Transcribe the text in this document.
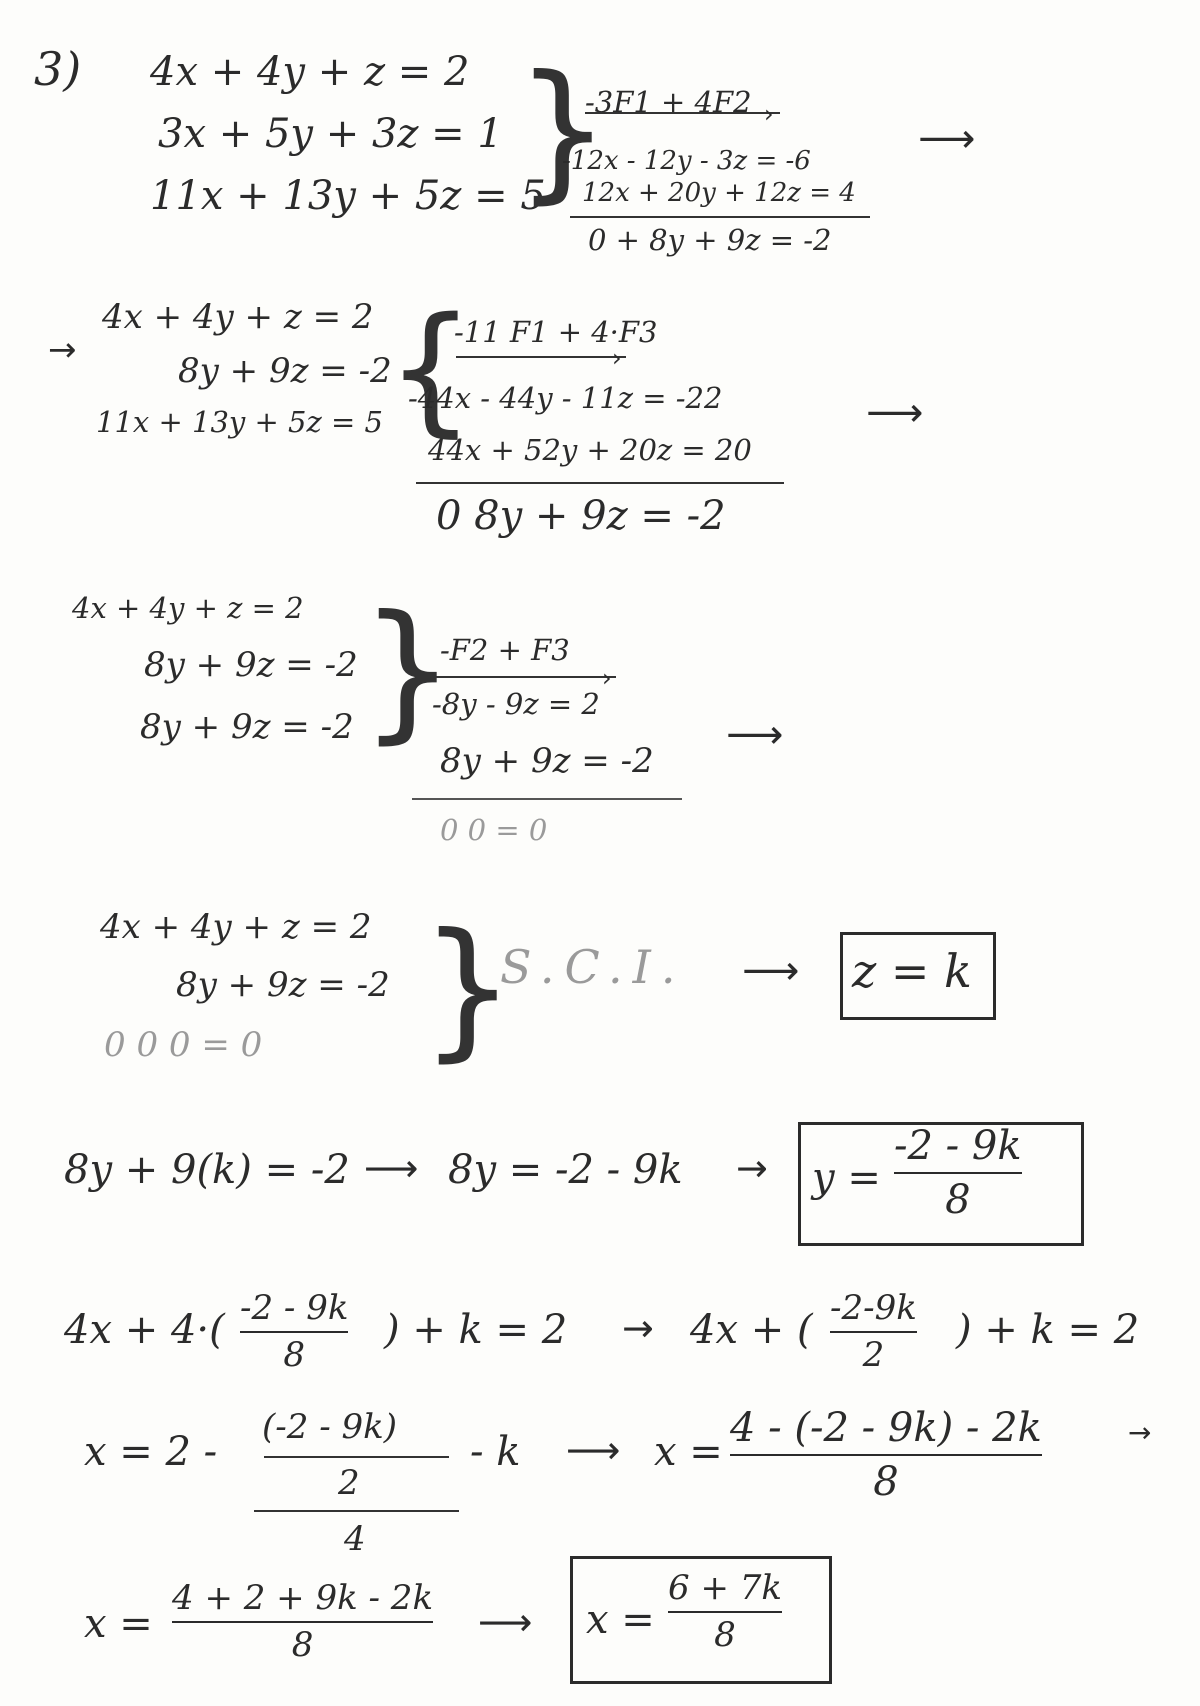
3) 4x + 4y + z = 2
3x + 5y + 3z = 1
11x + 13y + 5z = 5
}
-3F1 + 4F2 ›
-12x - 12y - 3z = -6
12x + 20y + 12z = 4
0 + 8y + 9z = -2
⟶
→
4x + 4y + z = 2
8y + 9z = -2
11x + 13y + 5z = 5 {
-11 F1 + 4·F3
›
-44x - 44y - 11z = -22
44x + 52y + 20z = 20
0 8y + 9z = -2
⟶
4x + 4y + z = 2
8y + 9z = -2
8y + 9z = -2 }
-F2 + F3
›
-8y - 9z = 2
8y + 9z = -2
0 0 = 0
⟶
4x + 4y + z = 2
8y + 9z = -2
0 0 0 = 0 }
S.C.I. ⟶ z = k
8y + 9(k) = -2 ⟶ 8y = -2 - 9k → y =
-2 - 9k
8
4x + 4·( -2 - 9k
8
) + k = 2 → 4x + ( -2-9k
2
) + k = 2
x = 2 -
(-2 - 9k)
2
4
- k ⟶ x =
4 - (-2 - 9k) - 2k
8
→
x =
4 + 2 + 9k - 2k
8
⟶ x =
6 + 7k
8
